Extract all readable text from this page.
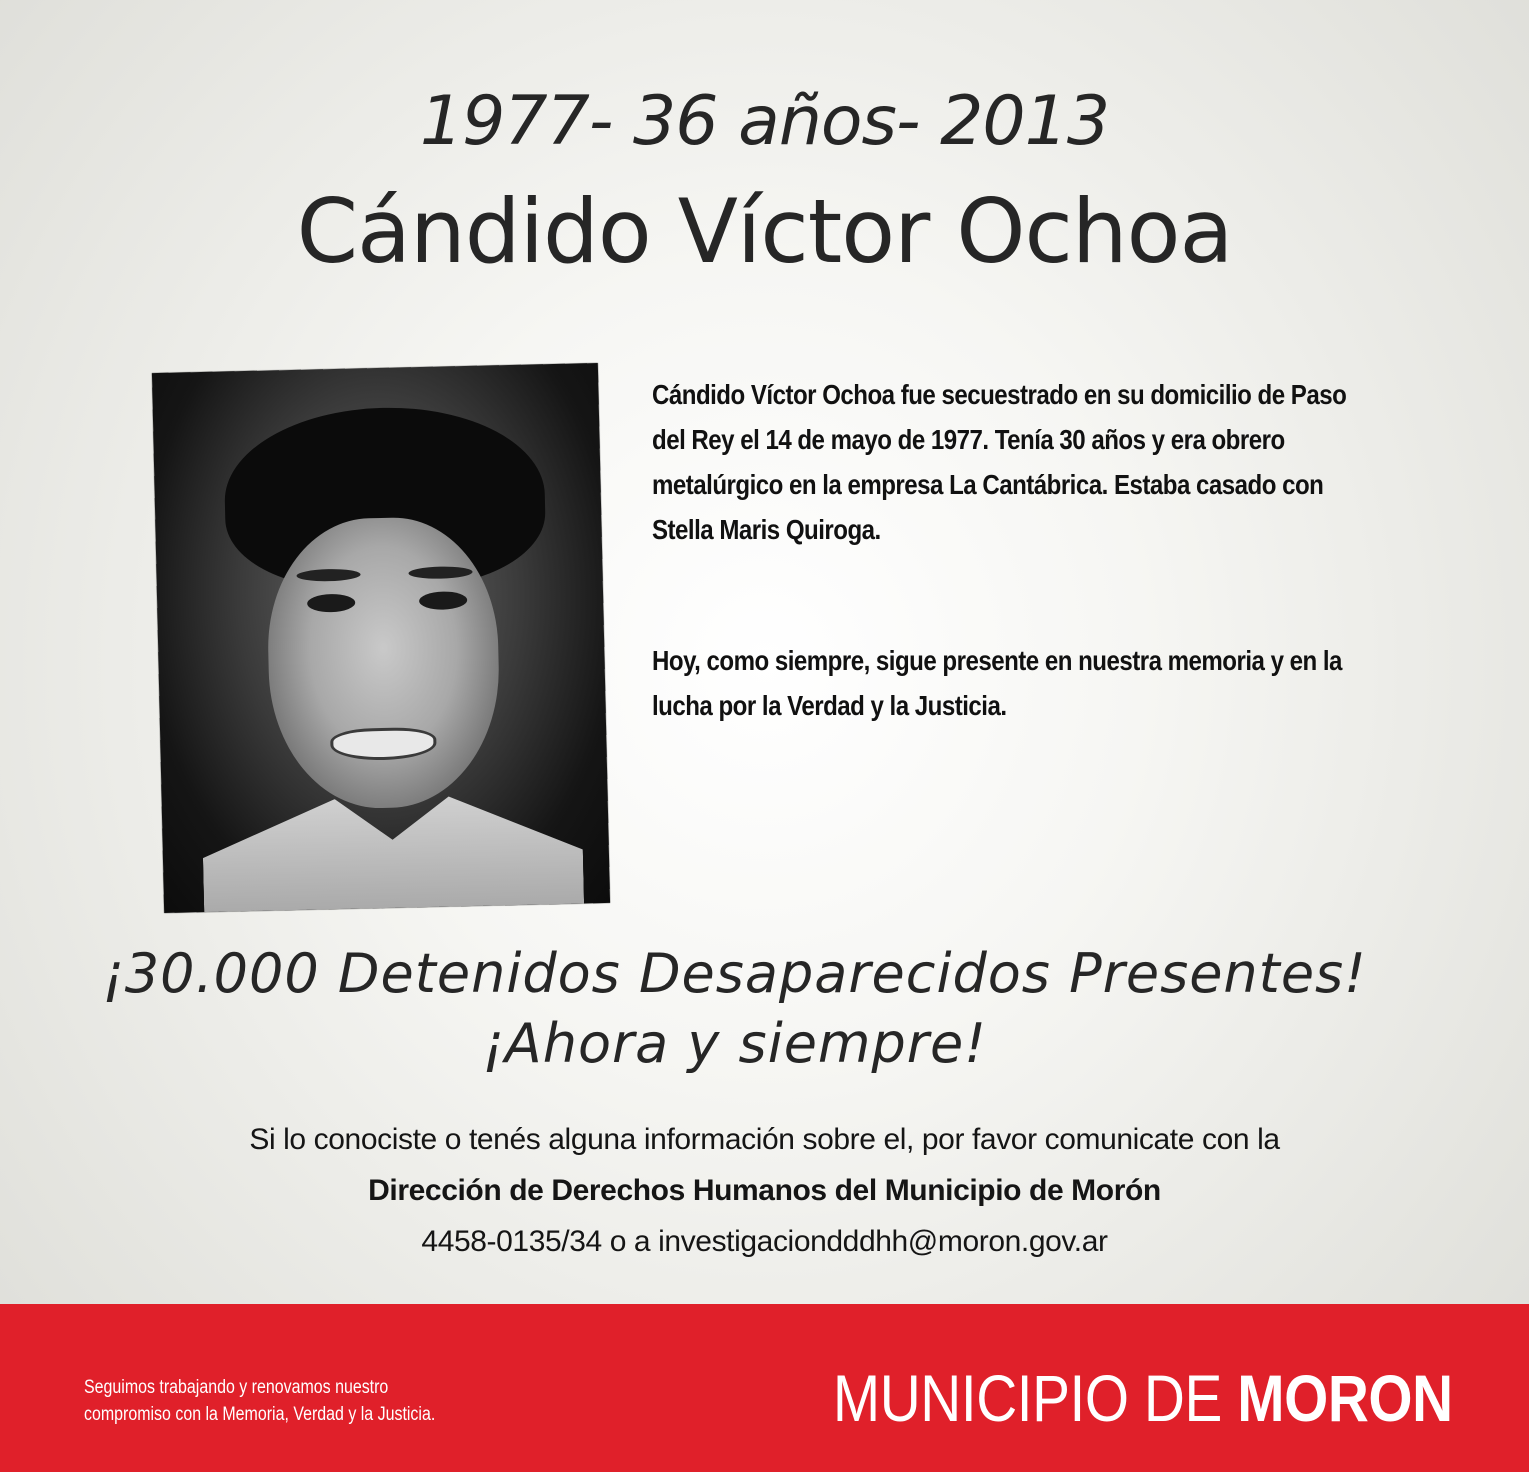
1977- 36 años- 2013
Cándido Víctor Ochoa

Cándido Víctor Ochoa fue secuestrado en su domicilio de Paso del Rey el 14 de mayo de 1977. Tenía 30 años y era obrero metalúrgico en la empresa La Cantábrica. Estaba casado con Stella Maris Quiroga.

Hoy, como siempre, sigue presente en nuestra memoria y en la lucha por la Verdad y la Justicia.

¡30.000 Detenidos Desaparecidos Presentes!
¡Ahora y siempre!
Si lo conociste o tenés alguna información sobre el, por favor comunicate con la
Dirección de Derechos Humanos del Municipio de Morón
4458-0135/34 o a investigaciondddhh@moron.gov.ar
Seguimos trabajando y renovamos nuestro
compromiso con la Memoria, Verdad y la Justicia.	MUNICIPIO DE MORON
